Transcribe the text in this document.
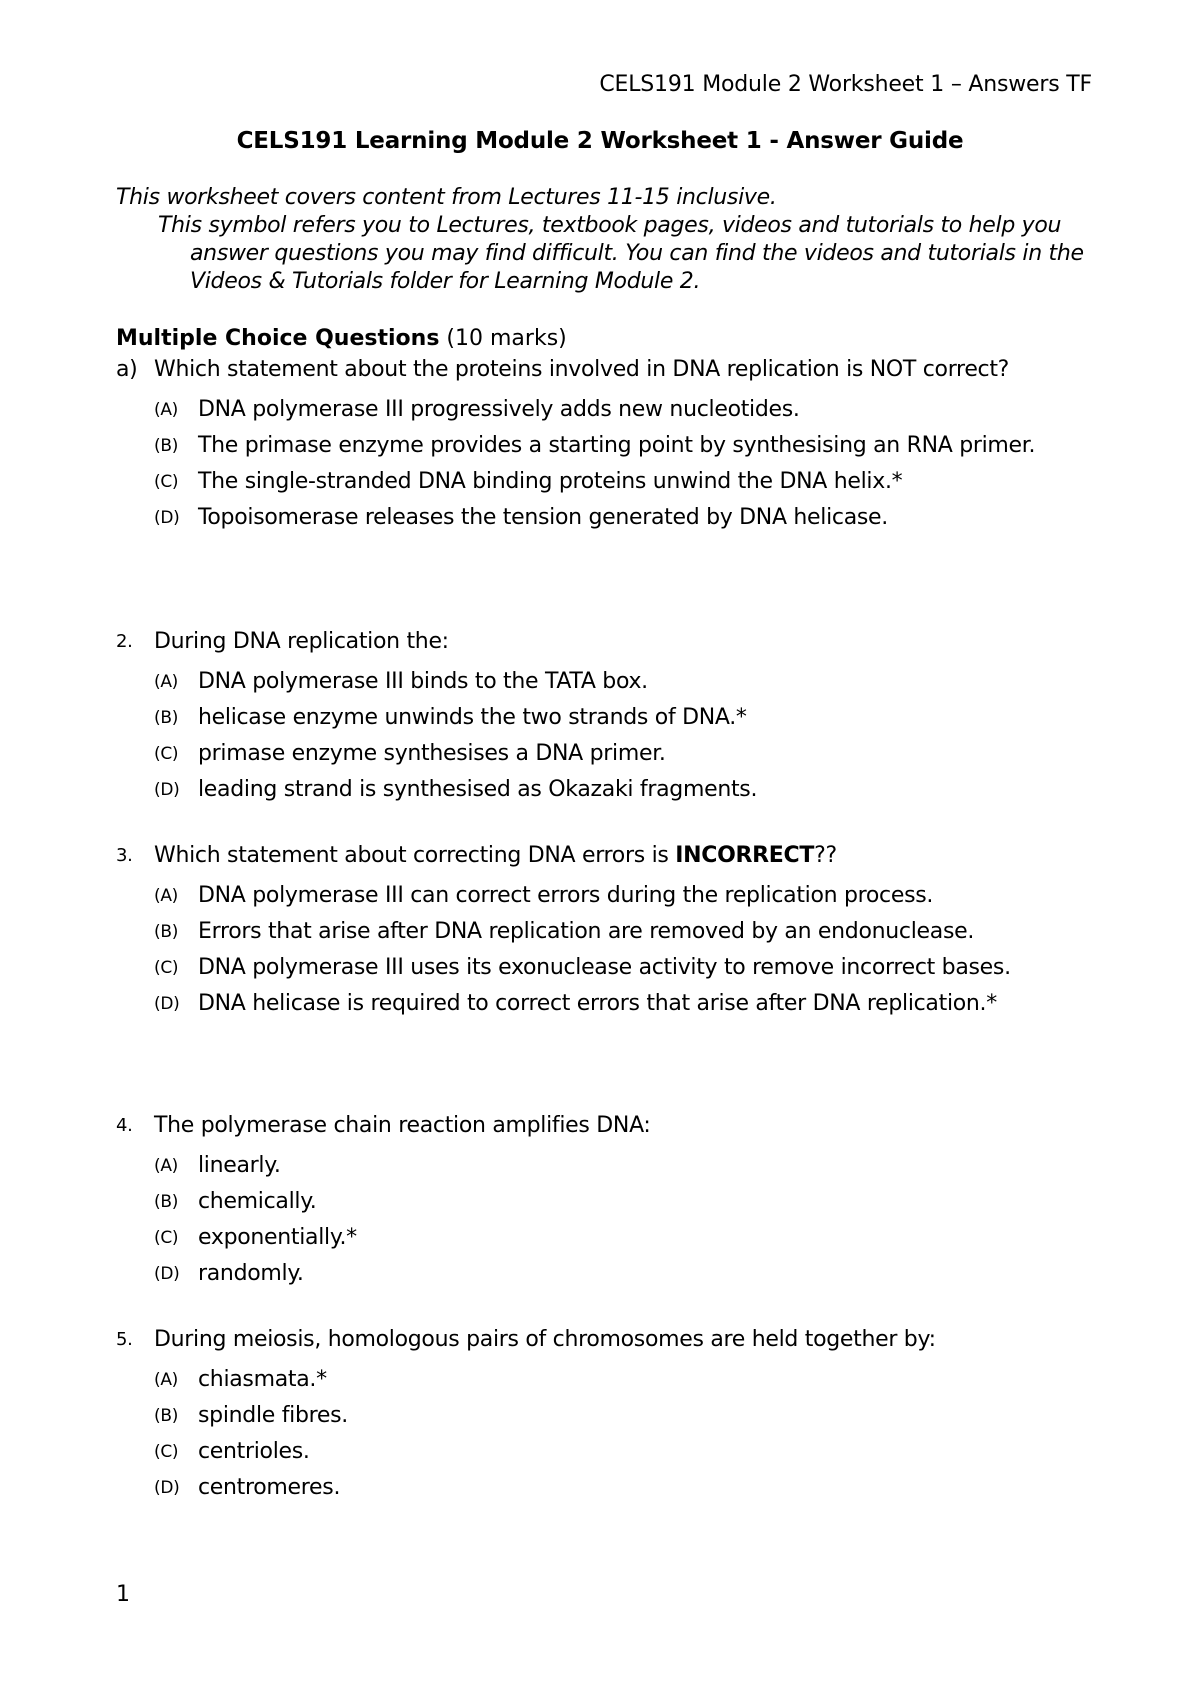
CELS191 Module 2 Worksheet 1 – Answers TF
CELS191 Learning Module 2 Worksheet 1 - Answer Guide
This worksheet covers content from Lectures 11-15 inclusive.
This symbol refers you to Lectures, textbook pages, videos and tutorials to help you answer questions you may find difficult. You can find the videos and tutorials in the Videos & Tutorials folder for Learning Module 2.
Multiple Choice Questions (10 marks)
a) Which statement about the proteins involved in DNA replication is NOT correct?
(A) DNA polymerase III progressively adds new nucleotides.
(B) The primase enzyme provides a starting point by synthesising an RNA primer.
(C) The single-stranded DNA binding proteins unwind the DNA helix.*
(D) Topoisomerase releases the tension generated by DNA helicase.
2. During DNA replication the:
(A) DNA polymerase III binds to the TATA box.
(B) helicase enzyme unwinds the two strands of DNA.*
(C) primase enzyme synthesises a DNA primer.
(D) leading strand is synthesised as Okazaki fragments.
3. Which statement about correcting DNA errors is INCORRECT??
(A) DNA polymerase III can correct errors during the replication process.
(B) Errors that arise after DNA replication are removed by an endonuclease.
(C) DNA polymerase III uses its exonuclease activity to remove incorrect bases.
(D) DNA helicase is required to correct errors that arise after DNA replication.*
4. The polymerase chain reaction amplifies DNA:
(A) linearly.
(B) chemically.
(C) exponentially.*
(D) randomly.
5. During meiosis, homologous pairs of chromosomes are held together by:
(A) chiasmata.*
(B) spindle fibres.
(C) centrioles.
(D) centromeres.
1
